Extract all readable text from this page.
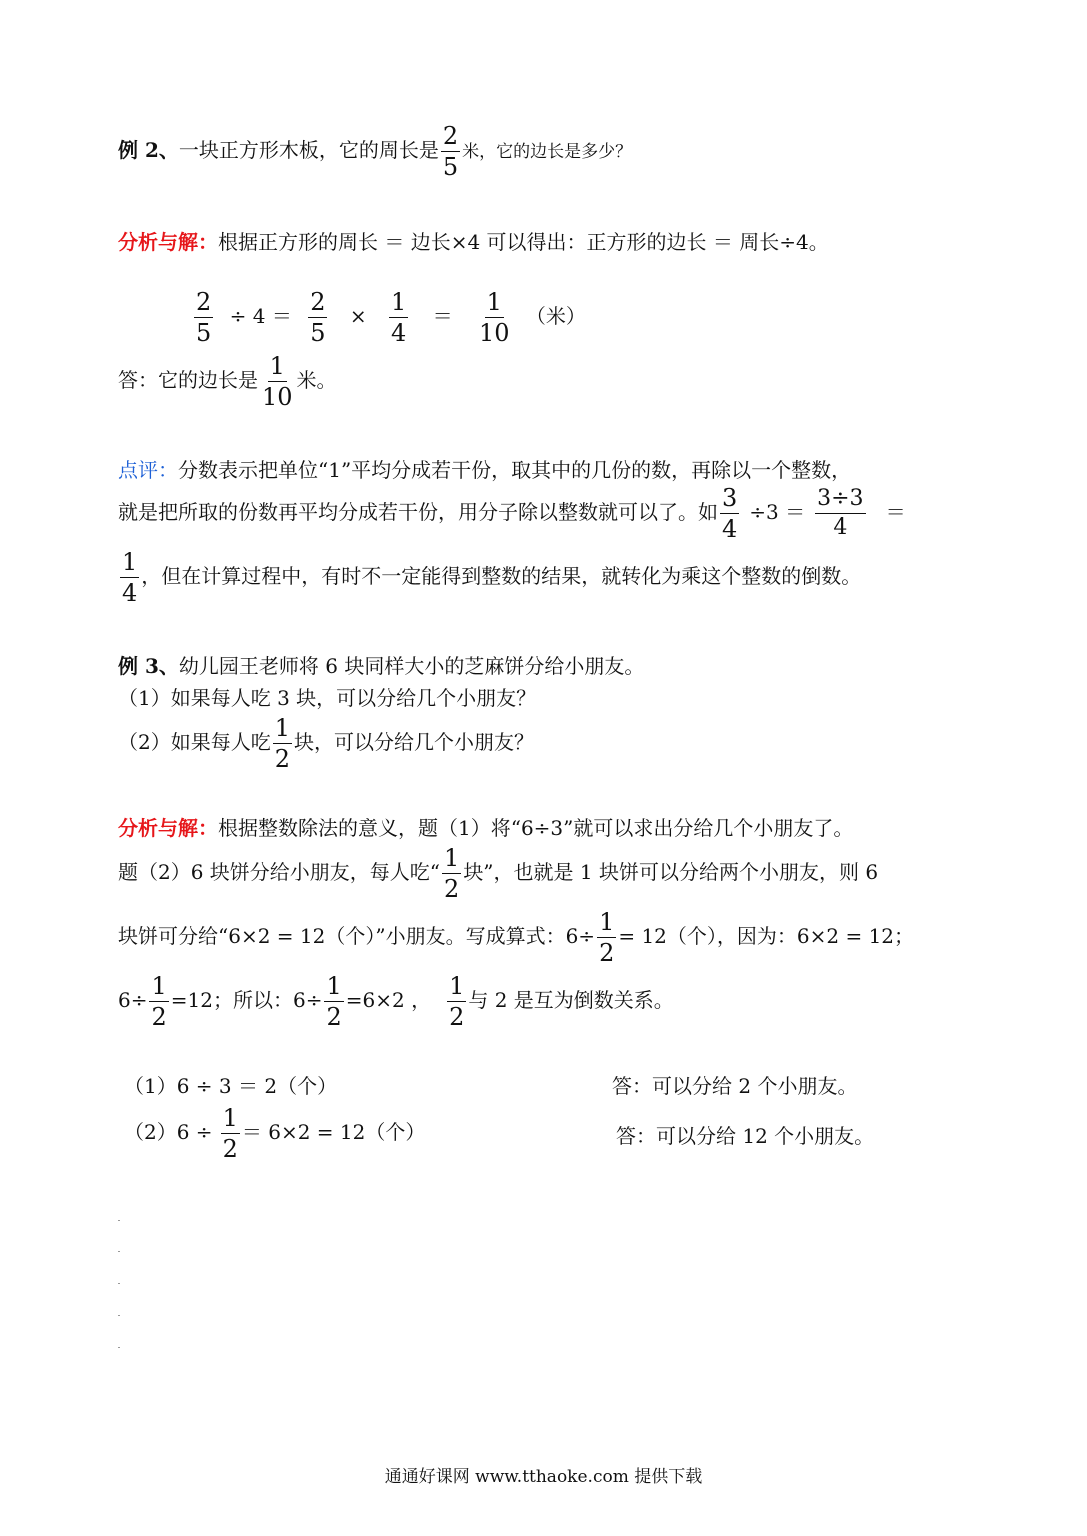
例 2、一块正方形木板，它的周长是 $\frac{2}{5}$ 米，它的边长是多少？
分析与解：根据正方形的周长 ＝ 边长×4 可以得出：正方形的边长 ＝ 周长÷4。
$\frac{2}{5} \div 4 = \frac{2}{5} \times \frac{1}{4} = \frac{1}{10}$ （米）
答：它的边长是 $\frac{1}{10}$ 米。
点评：分数表示把单位“1”平均分成若干份，取其中的几份的数，再除以一个整数，
就是把所取的份数再平均分成若干份，用分子除以整数就可以了。如 $\frac{3}{4} \div 3 = \frac{3\div 3}{4}$ ＝
$\frac{1}{4}$ ，但在计算过程中，有时不一定能得到整数的结果，就转化为乘这个整数的倒数。
例 3、幼儿园王老师将 6 块同样大小的芝麻饼分给小朋友。
（1）如果每人吃 3 块，可以分给几个小朋友？
（2）如果每人吃 $\frac{1}{2}$ 块，可以分给几个小朋友？
分析与解：根据整数除法的意义，题（1）将“6÷3”就可以求出分给几个小朋友了。
题（2）6 块饼分给小朋友，每人吃“ $\frac{1}{2}$ 块”，也就是 1 块饼可以分给两个小朋友，则 6
块饼可分给“6×2 = 12（个）”小朋友。写成算式：$6\div \frac{1}{2} = 12$（个），因为：6×2 = 12；
$6\div \frac{1}{2} =12$；所以：$6\div \frac{1}{2} =6\times 2$ ， $\frac{1}{2}$ 与 2 是互为倒数关系。
（1）6 ÷ 3 ＝ 2（个）	答：可以分给 2 个小朋友。
$(2)6 \div \frac{1}{2} = 6\times 2 = 12$（个）	答：可以分给 12 个小朋友。
通通好课网 www.tthaoke.com 提供下载
